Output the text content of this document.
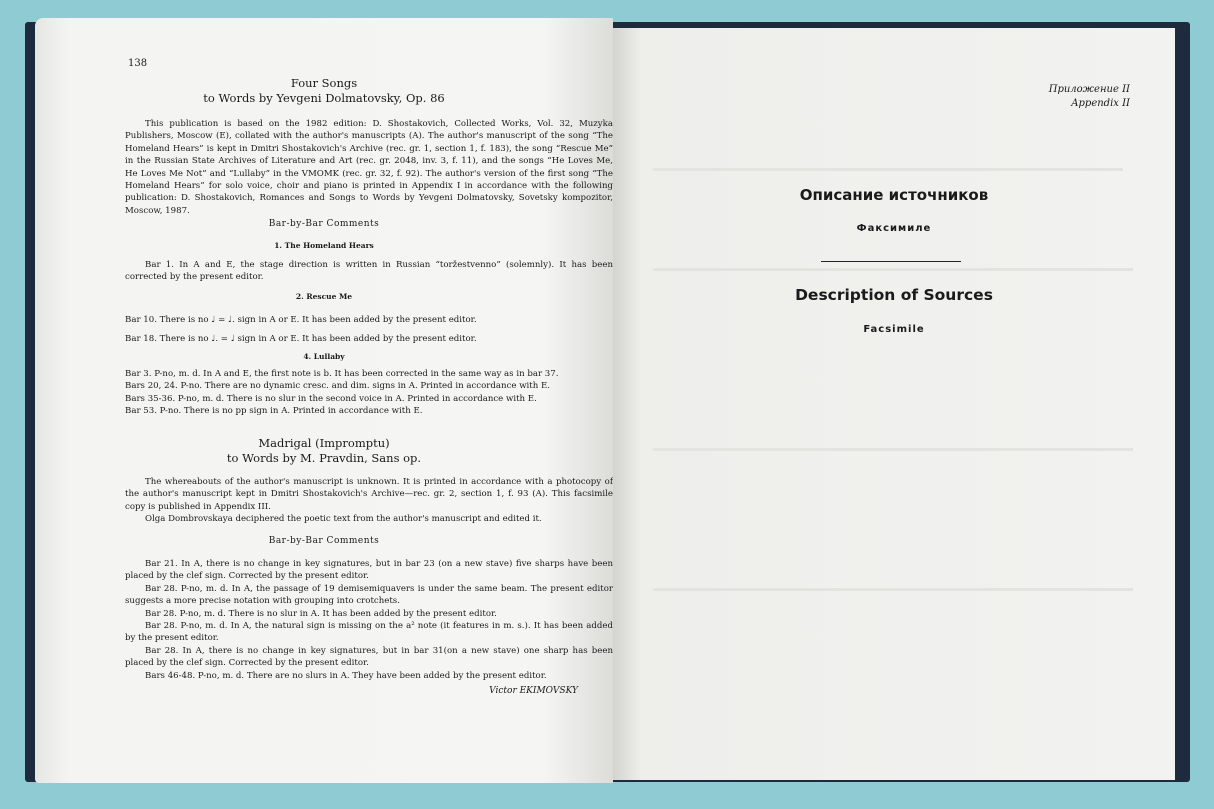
138
Four Songs
to Words by Yevgeni Dolmatovsky, Op. 86

This publication is based on the 1982 edition: D. Shostakovich, Collected Works, Vol. 32, Muzyka Publishers, Moscow (E), collated with the author's manuscripts (A). The author's manuscript of the song “The Homeland Hears” is kept in Dmitri Shostakovich's Archive (rec. gr. 1, section 1, f. 183), the song “Rescue Me” in the Russian State Archives of Literature and Art (rec. gr. 2048, inv. 3, f. 11), and the songs “He Loves Me, He Loves Me Not” and “Lullaby” in the VMOMK (rec. gr. 32, f. 92). The author's version of the first song “The Homeland Hears” for solo voice, choir and piano is printed in Appendix I in accordance with the following publication: D. Shostakovich, Romances and Songs to Words by Yevgeni Dolmatovsky, Sovetsky kompozitor, Moscow, 1987.

Bar-by-Bar Comments
1. The Homeland Hears

Bar 1. In A and E, the stage direction is written in Russian “toržestvenno” (solemnly). It has been corrected by the present editor.

2. Rescue Me

Bar 10. There is no ♩ = ♩. sign in A or E. It has been added by the present editor.

Bar 18. There is no ♩. = ♩ sign in A or E. It has been added by the present editor.

4. Lullaby

Bar 3. P-no, m. d. In A and E, the first note is b. It has been corrected in the same way as in bar 37.

Bars 20, 24. P-no. There are no dynamic cresc. and dim. signs in A. Printed in accordance with E.

Bars 35-36. P-no, m. d. There is no slur in the second voice in A. Printed in accordance with E.

Bar 53. P-no. There is no pp sign in A. Printed in accordance with E.

Madrigal (Impromptu)
to Words by M. Pravdin, Sans op.

The whereabouts of the author's manuscript is unknown. It is printed in accordance with a photocopy of the author's manuscript kept in Dmitri Shostakovich's Archive—rec. gr. 2, section 1, f. 93 (A). This facsimile copy is published in Appendix III.

Olga Dombrovskaya deciphered the poetic text from the author's manuscript and edited it.

Bar-by-Bar Comments

Bar 21. In A, there is no change in key signatures, but in bar 23 (on a new stave) five sharps have been placed by the clef sign. Corrected by the present editor.

Bar 28. P-no, m. d. In A, the passage of 19 demisemiquavers is under the same beam. The present editor suggests a more precise notation with grouping into crotchets.

Bar 28. P-no, m. d. There is no slur in A. It has been added by the present editor.

Bar 28. P-no, m. d. In A, the natural sign is missing on the a² note (it features in m. s.). It has been added by the present editor.

Bar 28. In A, there is no change in key signatures, but in bar 31(on a new stave) one sharp has been placed by the clef sign. Corrected by the present editor.

Bars 46-48. P-no, m. d. There are no slurs in A. They have been added by the present editor.

Victor EKIMOVSKY
Приложение II
Appendix II
Описание источников
Факсимиле
Description of Sources
Facsimile
